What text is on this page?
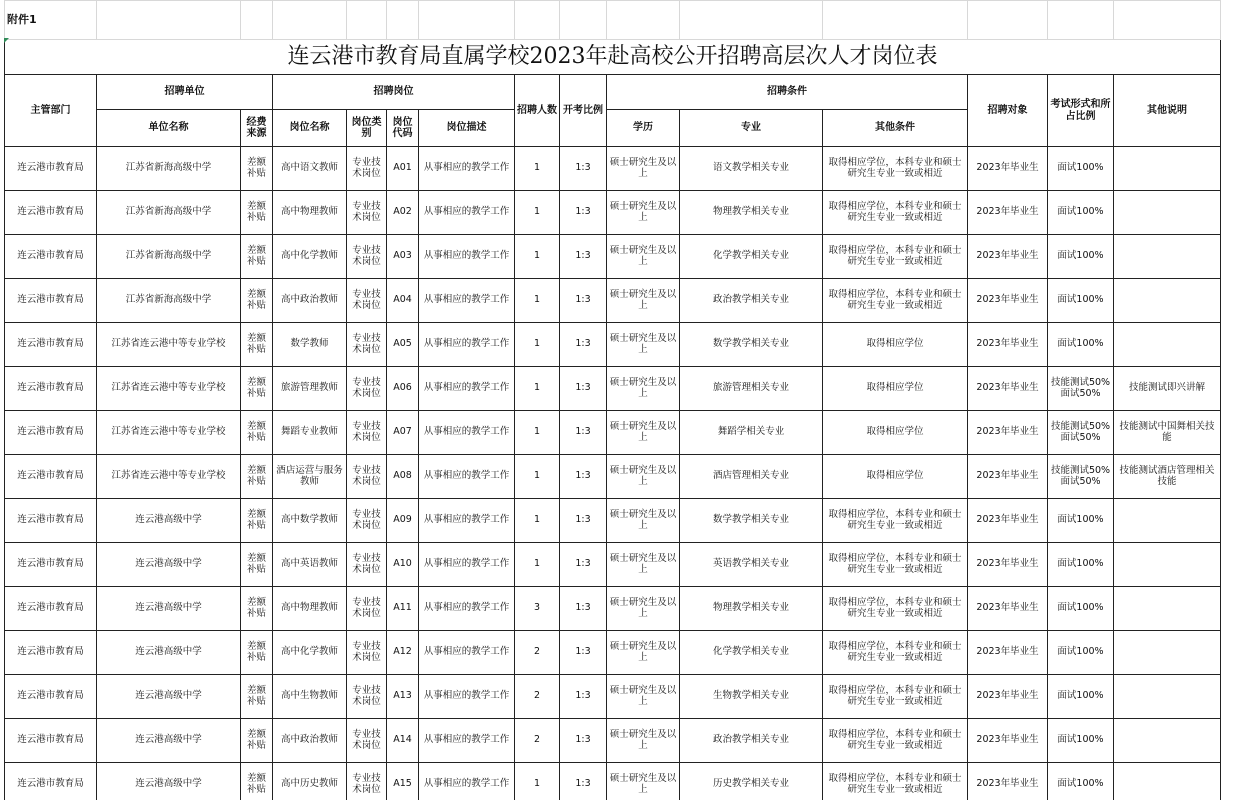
附件1														
连云港市教育局直属学校2023年赴高校公开招聘高层次人才岗位表														
主管部门	招聘单位		招聘岗位				招聘人数	开考比例	招聘条件			招聘对象	考试形式和所占比例	其他说明
	单位名称	经费来源	岗位名称	岗位类别	岗位代码	岗位描述			学历	专业	其他条件			
连云港市教育局	江苏省新海高级中学	差额补贴	高中语文教师	专业技术岗位	A01	从事相应的教学工作	1	1:3	硕士研究生及以上	语文教学相关专业	取得相应学位，本科专业和硕士研究生专业一致或相近	2023年毕业生	面试100%	
连云港市教育局	江苏省新海高级中学	差额补贴	高中物理教师	专业技术岗位	A02	从事相应的教学工作	1	1:3	硕士研究生及以上	物理教学相关专业	取得相应学位，本科专业和硕士研究生专业一致或相近	2023年毕业生	面试100%	
连云港市教育局	江苏省新海高级中学	差额补贴	高中化学教师	专业技术岗位	A03	从事相应的教学工作	1	1:3	硕士研究生及以上	化学教学相关专业	取得相应学位，本科专业和硕士研究生专业一致或相近	2023年毕业生	面试100%	
连云港市教育局	江苏省新海高级中学	差额补贴	高中政治教师	专业技术岗位	A04	从事相应的教学工作	1	1:3	硕士研究生及以上	政治教学相关专业	取得相应学位，本科专业和硕士研究生专业一致或相近	2023年毕业生	面试100%	
连云港市教育局	江苏省连云港中等专业学校	差额补贴	数学教师	专业技术岗位	A05	从事相应的教学工作	1	1:3	硕士研究生及以上	数学教学相关专业	取得相应学位	2023年毕业生	面试100%	
连云港市教育局	江苏省连云港中等专业学校	差额补贴	旅游管理教师	专业技术岗位	A06	从事相应的教学工作	1	1:3	硕士研究生及以上	旅游管理相关专业	取得相应学位	2023年毕业生	技能测试50%面试50%	技能测试即兴讲解
连云港市教育局	江苏省连云港中等专业学校	差额补贴	舞蹈专业教师	专业技术岗位	A07	从事相应的教学工作	1	1:3	硕士研究生及以上	舞蹈学相关专业	取得相应学位	2023年毕业生	技能测试50%面试50%	技能测试中国舞相关技能
连云港市教育局	江苏省连云港中等专业学校	差额补贴	酒店运营与服务教师	专业技术岗位	A08	从事相应的教学工作	1	1:3	硕士研究生及以上	酒店管理相关专业	取得相应学位	2023年毕业生	技能测试50%面试50%	技能测试酒店管理相关技能
连云港市教育局	连云港高级中学	差额补贴	高中数学教师	专业技术岗位	A09	从事相应的教学工作	1	1:3	硕士研究生及以上	数学教学相关专业	取得相应学位，本科专业和硕士研究生专业一致或相近	2023年毕业生	面试100%	
连云港市教育局	连云港高级中学	差额补贴	高中英语教师	专业技术岗位	A10	从事相应的教学工作	1	1:3	硕士研究生及以上	英语教学相关专业	取得相应学位，本科专业和硕士研究生专业一致或相近	2023年毕业生	面试100%	
连云港市教育局	连云港高级中学	差额补贴	高中物理教师	专业技术岗位	A11	从事相应的教学工作	3	1:3	硕士研究生及以上	物理教学相关专业	取得相应学位，本科专业和硕士研究生专业一致或相近	2023年毕业生	面试100%	
连云港市教育局	连云港高级中学	差额补贴	高中化学教师	专业技术岗位	A12	从事相应的教学工作	2	1:3	硕士研究生及以上	化学教学相关专业	取得相应学位，本科专业和硕士研究生专业一致或相近	2023年毕业生	面试100%	
连云港市教育局	连云港高级中学	差额补贴	高中生物教师	专业技术岗位	A13	从事相应的教学工作	2	1:3	硕士研究生及以上	生物教学相关专业	取得相应学位，本科专业和硕士研究生专业一致或相近	2023年毕业生	面试100%	
连云港市教育局	连云港高级中学	差额补贴	高中政治教师	专业技术岗位	A14	从事相应的教学工作	2	1:3	硕士研究生及以上	政治教学相关专业	取得相应学位，本科专业和硕士研究生专业一致或相近	2023年毕业生	面试100%	
连云港市教育局	连云港高级中学	差额补贴	高中历史教师	专业技术岗位	A15	从事相应的教学工作	1	1:3	硕士研究生及以上	历史教学相关专业	取得相应学位，本科专业和硕士研究生专业一致或相近	2023年毕业生	面试100%	
